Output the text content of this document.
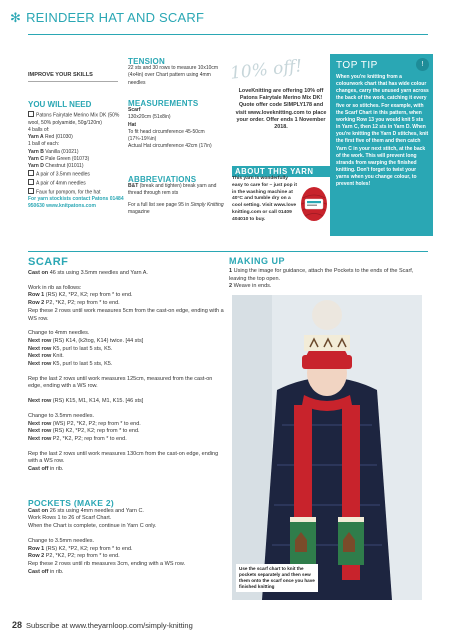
✻ REINDEER HAT AND SCARF
IMPROVE YOUR SKILLS
YOU WILL NEED
Patons Fairytale Merino Mix DK (50% wool, 50% polyamide, 50g/120m)
4 balls of:
Yarn A Red (01030)
1 ball of each:
Yarn B Vanilla (01021)
Yarn C Pale Green (01073)
Yarn D Chestnut (01011)
A pair of 3.5mm needles
A pair of 4mm needles
Faux fur pompom, for the hat
For yarn stockists contact Patons 01484 950630 www.knitpatons.com
TENSION
22 sts and 30 rows to measure 10x10cm (4x4in) over Chart pattern using 4mm needles
MEASUREMENTS
Scarf
130x20cm (51x8in)
Hat
To fit head circumference 45-50cm (17¾-19¾in)
Actual Hat circumference 42cm (17in)
ABBREVIATIONS
B&T (break and tighten) break yarn and thread through rem sts
For a full list see page 95 in Simply Knitting magazine
10% off!
LoveKnitting are offering 10% off Patons Fairytale Merino Mix DK! Quote offer code SIMPLY178 and visit www.loveknitting.com to place your order. Offer ends 1 November 2018.
ABOUT THIS YARN
This yarn is wonderfully easy to care for – just pop it in the washing machine at 40°C and tumble dry on a cool setting. Visit www.love knitting.com or call 01409 404010 to buy.
TOP TIP	!
When you're knitting from a colourwork chart that has wide colour changes, carry the unused yarn across the back of the work, catching it every five or so stitches. For example, with the Scarf Chart in this pattern, when working Row 13 you would knit 5 sts in Yarn C, then 12 sts in Yarn D. When you're knitting the Yarn D stitches, knit the first five of them and then catch Yarn C in your next stitch, at the back of the work. This will prevent long strands from warping the finished knitting. Don't forget to twist your yarns when you change colour, to prevent holes!
SCARF
Cast on 46 sts using 3.5mm needles and Yarn A.
Work in rib as follows:
Row 1 (RS) K2, *P2, K2; rep from * to end.
Row 2 P2, *K2, P2; rep from * to end.
Rep these 2 rows until work measures 5cm from the cast-on edge, ending with a WS row.
Change to 4mm needles.
Next row (RS) K14, (k2tog, K14) twice. [44 sts]
Next row K5, purl to last 5 sts, K5.
Next row Knit.
Next row K5, purl to last 5 sts, K5.
Rep the last 2 rows until work measures 125cm, measured from the cast-on edge, ending with a WS row.
Next row (RS) K15, M1, K14, M1, K15. [46 sts]
Change to 3.5mm needles.
Next row (WS) P2, *K2, P2; rep from * to end.
Next row (RS) K2, *P2, K2; rep from * to end.
Next row P2, *K2, P2; rep from * to end.
Rep the last 2 rows until work measures 130cm from the cast-on edge, ending with a WS row.
Cast off in rib.
POCKETS (MAKE 2)
Cast on 26 sts using 4mm needles and Yarn C.
Work Rows 1 to 26 of Scarf Chart.
When the Chart is complete, continue in Yarn C only.
Change to 3.5mm needles.
Row 1 (RS) K2, *P2, K2; rep from * to end.
Row 2 P2, *K2, P2; rep from * to end.
Rep these 2 rows until rib measures 3cm, ending with a WS row.
Cast off in rib.
MAKING UP
1 Using the image for guidance, attach the Pockets to the ends of the Scarf, leaving the top open.
2 Weave in ends.
Use the scarf chart to knit the pockets separately and then sew them onto the scarf once you have finished knitting
28 Subscribe at www.theyarnloop.com/simply-knitting
